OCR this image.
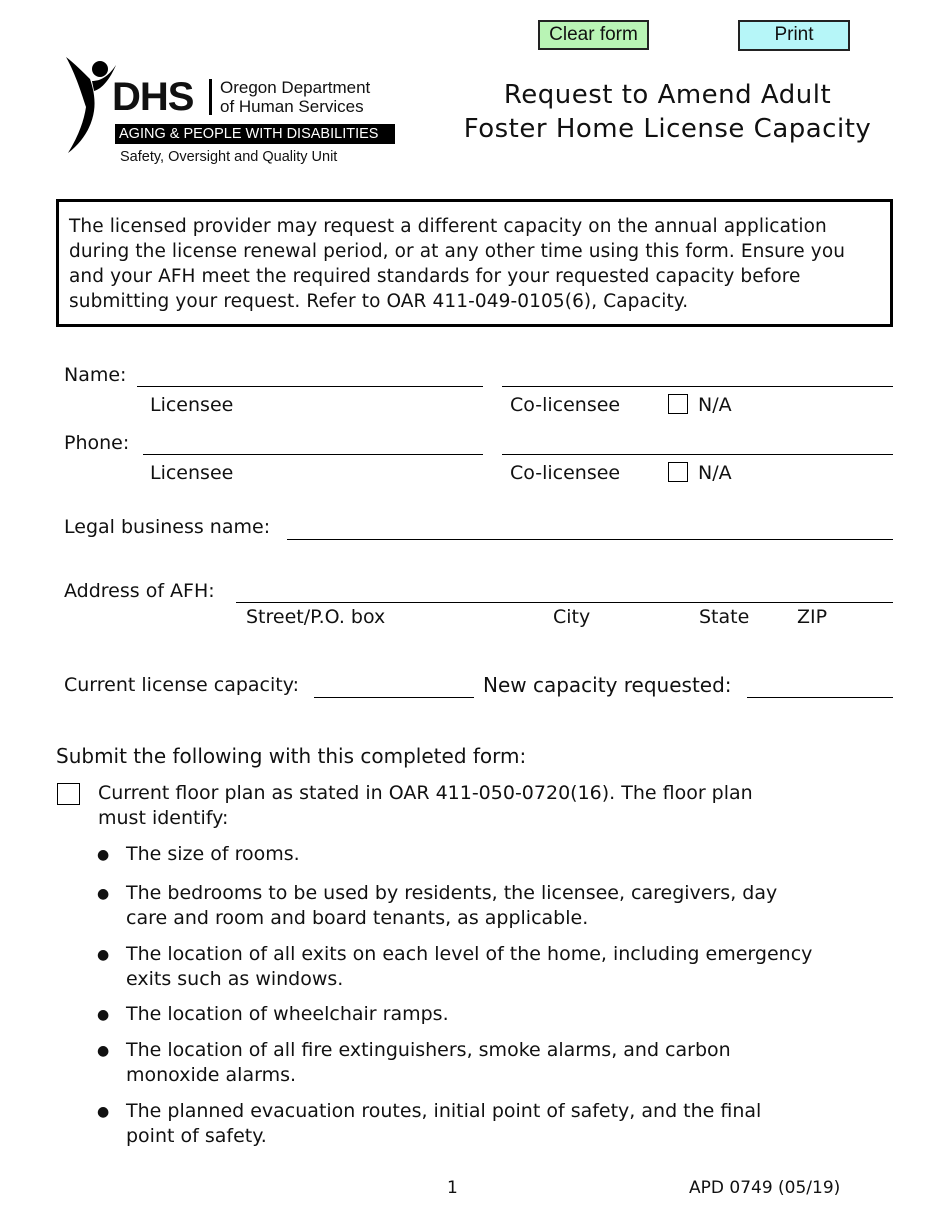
Clear form	Print
DHS Oregon Department
of Human Services
AGING & PEOPLE WITH DISABILITIES
Safety, Oversight and Quality Unit
Request to Amend Adult
Foster Home License Capacity
The licensed provider may request a different capacity on the annual application during the license renewal period, or at any other time using this form. Ensure you and your AFH meet the required standards for your requested capacity before submitting your request. Refer to OAR 411-049-0105(6), Capacity.
Name:
Licensee	Co-licensee	N/A
Phone:
Licensee	Co-licensee	N/A
Legal business name:
Address of AFH:
Street/P.O. box	City	State	ZIP
Current license capacity:	New capacity requested:
Submit the following with this completed form:
Current floor plan as stated in OAR 411-050-0720(16). The floor plan
must identify:
● The size of rooms.
● The bedrooms to be used by residents, the licensee, caregivers, day
care and room and board tenants, as applicable.
● The location of all exits on each level of the home, including emergency
exits such as windows.
● The location of wheelchair ramps.
● The location of all fire extinguishers, smoke alarms, and carbon
monoxide alarms.
● The planned evacuation routes, initial point of safety, and the final
point of safety.
1	APD 0749 (05/19)
